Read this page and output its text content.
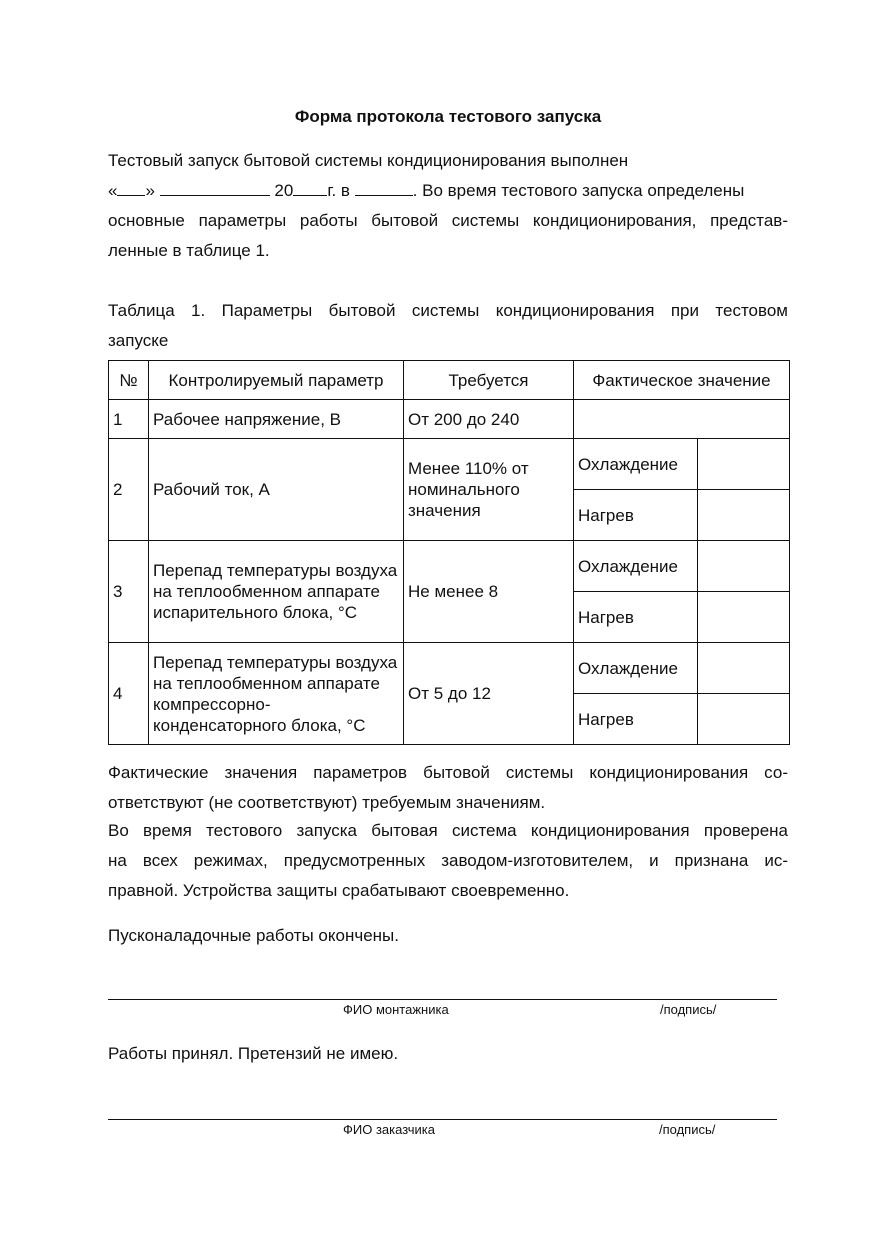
Форма протокола тестового запуска
Тестовый запуск бытовой системы кондиционирования выполнен
« »	20 г. в	. Во время тестового запуска определены
основные параметры работы бытовой системы кондиционирования, представ-
ленные в таблице 1.
Таблица 1. Параметры бытовой системы кондиционирования при тестовом
запуске
№	Контролируемый параметр	Требуется	Фактическое значение	
1	Рабочее напряжение, В	От 200 до 240		
2	Рабочий ток, А	Менее 110% от номинального значения	Охлаждение	
			Нагрев	
3	Перепад температуры воздуха на теплообменном аппарате испарительного блока, °С	Не менее 8	Охлаждение	
			Нагрев	
4	Перепад температуры воздуха на теплообменном аппарате компрессорно-конденсаторного блока, °С	От 5 до 12	Охлаждение	
			Нагрев	
Фактические значения параметров бытовой системы кондиционирования со-
ответствуют (не соответствуют) требуемым значениям.
Во время тестового запуска бытовая система кондиционирования проверена
на всех режимах, предусмотренных заводом-изготовителем, и признана ис-
правной. Устройства защиты срабатывают своевременно.
Пусконаладочные работы окончены.
ФИО монтажника	/подпись/
Работы принял. Претензий не имею.
ФИО заказчика	/подпись/
